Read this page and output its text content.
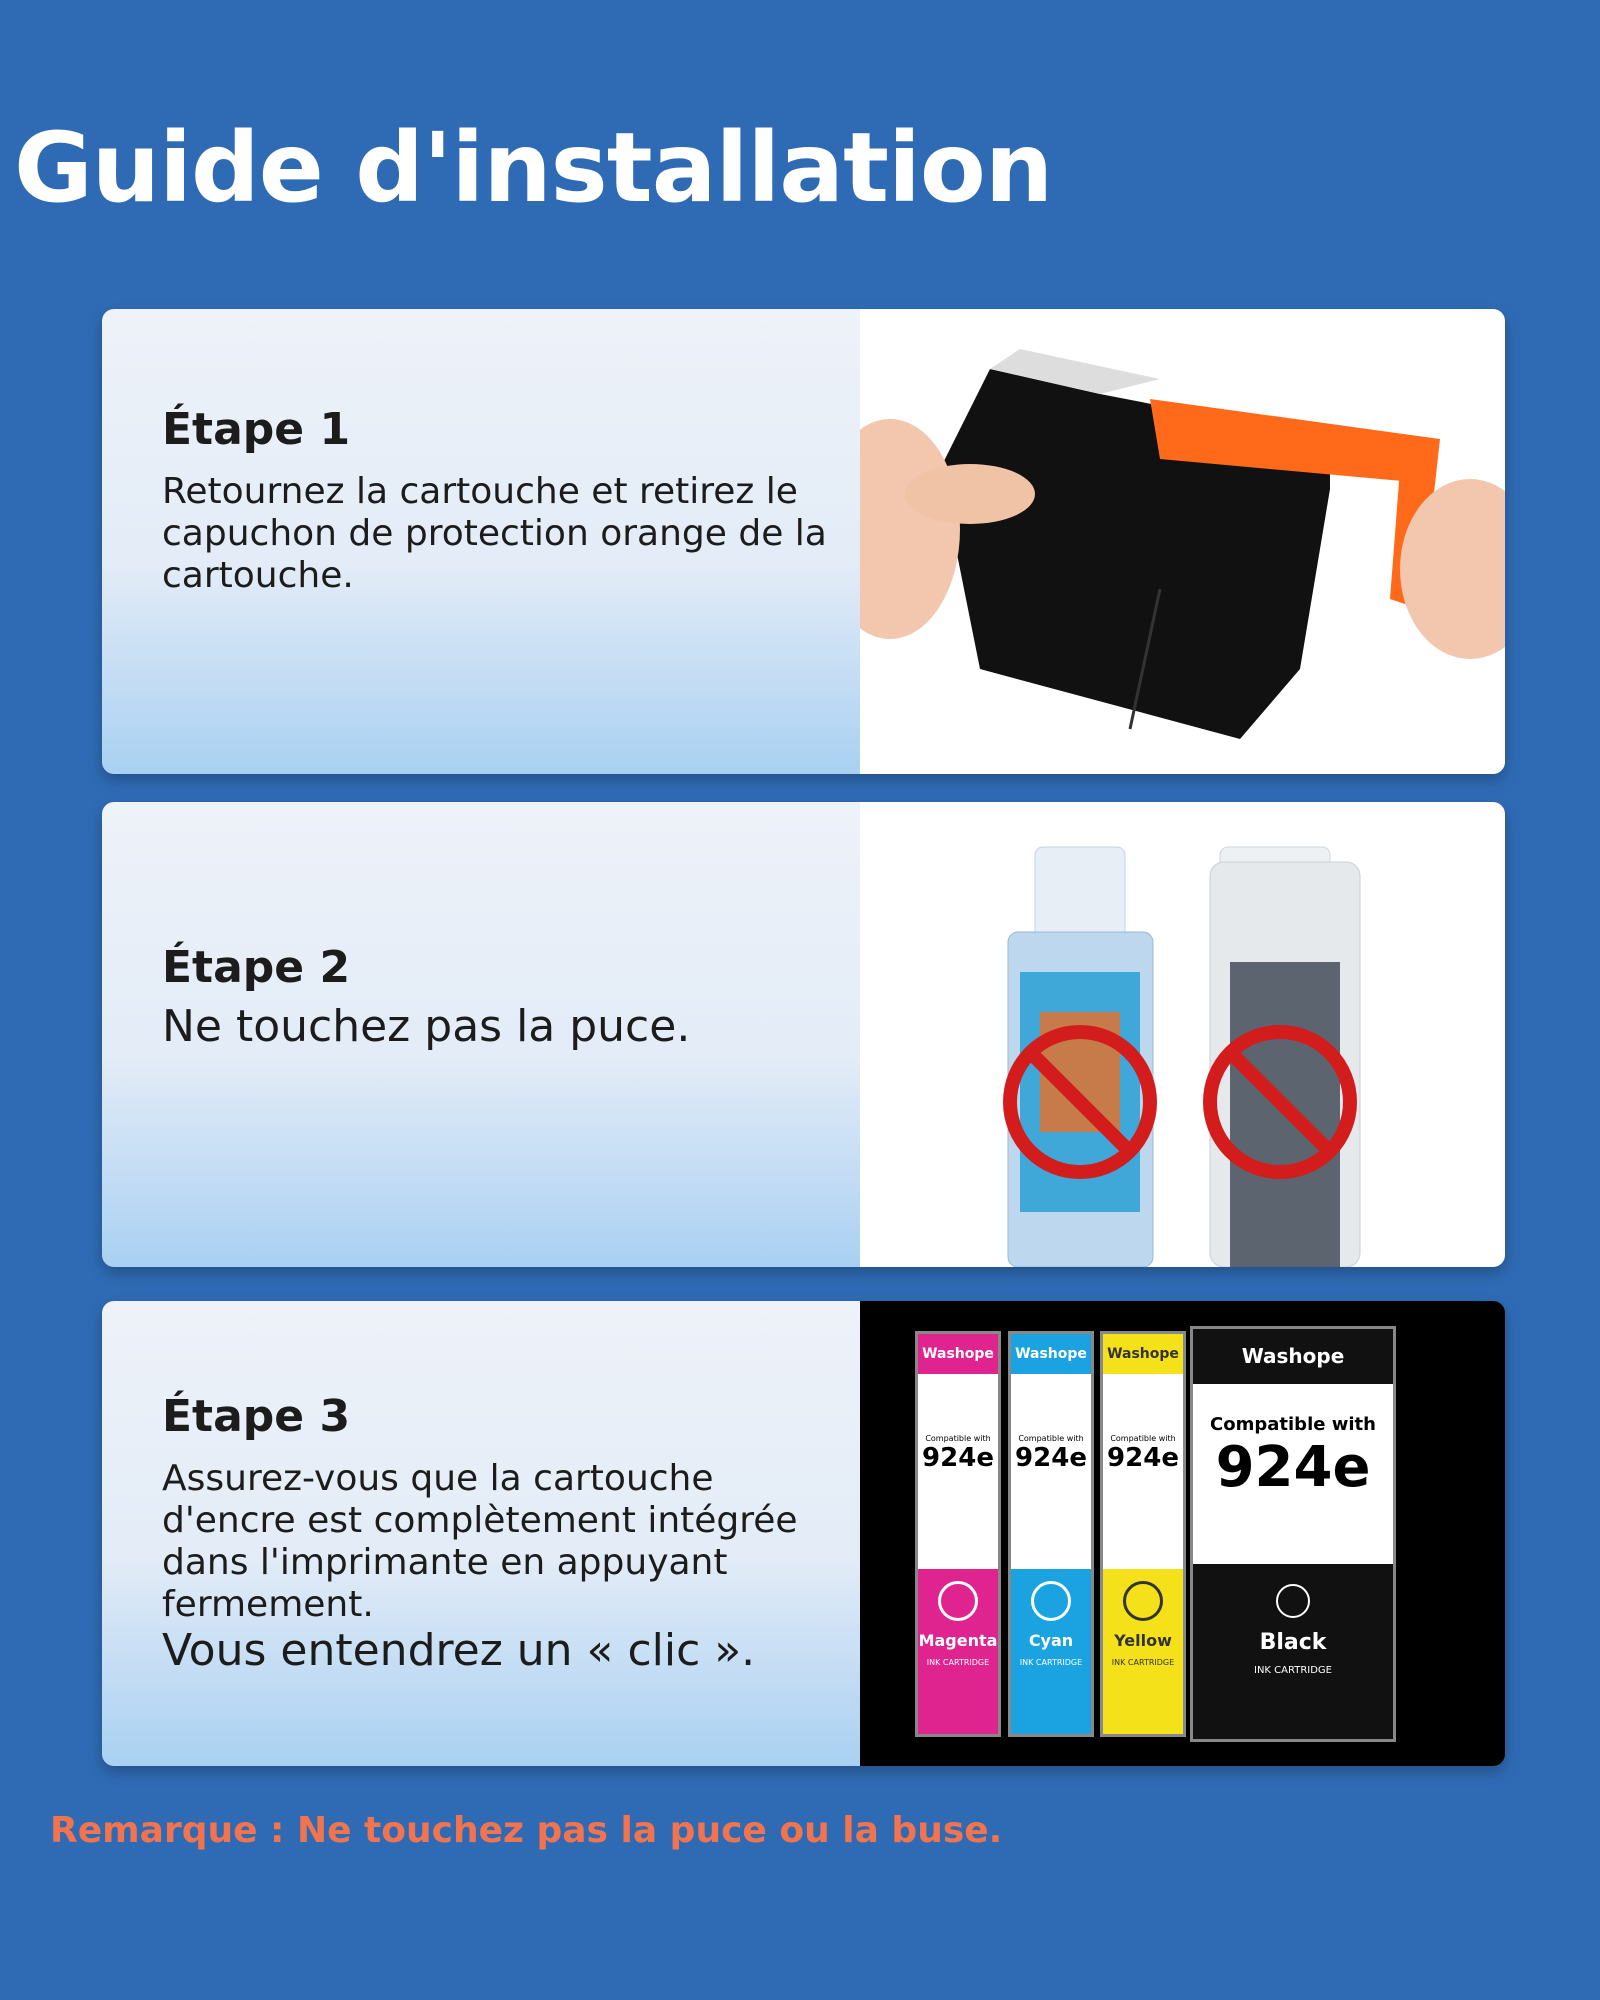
Guide d'installation
Étape 1
Retournez la cartouche et retirez le capuchon de protection orange de la cartouche.
Étape 2
Ne touchez pas la puce.
Étape 3
Assurez-vous que la cartouche d'encre est complètement intégrée dans l'imprimante en appuyant fermement.
Vous entendrez un « clic ».
Washope
Compatible with
924e
Magenta
INK CARTRIDGE
Washope
Compatible with
924e
Cyan
INK CARTRIDGE
Washope
Compatible with
924e
Yellow
INK CARTRIDGE
Washope
Compatible with
924e
Black
INK CARTRIDGE
Remarque : Ne touchez pas la puce ou la buse.
